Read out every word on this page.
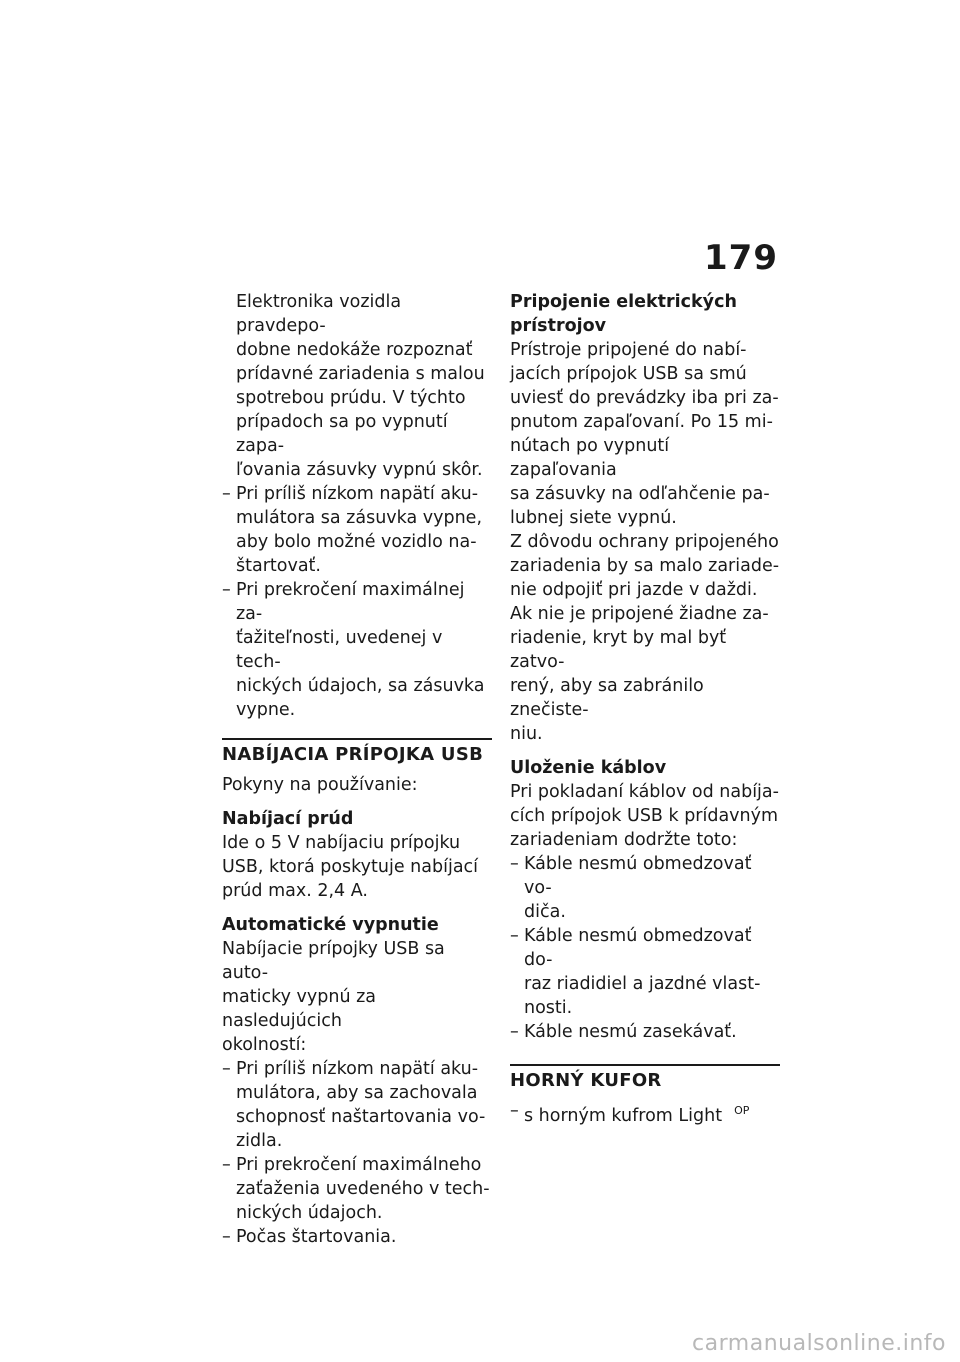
179

Elektronika vozidla pravdepo-

dobne nedokáže rozpoznať

prídavné zariadenia s malou

spotrebou prúdu. V týchto

prípadoch sa po vypnutí zapa-

ľovania zásuvky vypnú skôr.

– Pri príliš nízkom napätí aku-

mulátora sa zásuvka vypne,

aby bolo možné vozidlo na-

štartovať.

– Pri prekročení maximálnej za-

ťažiteľnosti, uvedenej v tech-

nických údajoch, sa zásuvka

vypne.

NABÍJACIA PRÍPOJKA USB

Pokyny na používanie:

Nabíjací prúd

Ide o 5 V nabíjaciu prípojku

USB, ktorá poskytuje nabíjací

prúd max. 2,4 A.

Automatické vypnutie

Nabíjacie prípojky USB sa auto-

maticky vypnú za nasledujúcich

okolností:

– Pri príliš nízkom napätí aku-

mulátora, aby sa zachovala

schopnosť naštartovania vo-

zidla.

– Pri prekročení maximálneho

zaťaženia uvedeného v tech-

nických údajoch.

– Počas štartovania.

Pripojenie elektrických
prístrojov

Prístroje pripojené do nabí-

jacích prípojok USB sa smú

uviesť do prevádzky iba pri za-

pnutom zapaľovaní. Po 15 mi-

nútach po vypnutí zapaľovania

sa zásuvky na odľahčenie pa-

lubnej siete vypnú.

Z dôvodu ochrany pripojeného

zariadenia by sa malo zariade-

nie odpojiť pri jazde v daždi.

Ak nie je pripojené žiadne za-

riadenie, kryt by mal byť zatvo-

rený, aby sa zabránilo znečiste-

niu.

Uloženie káblov

Pri pokladaní káblov od nabíja-

cích prípojok USB k prídavným

zariadeniam dodržte toto:

– Káble nesmú obmedzovať vo-

diča.

– Káble nesmú obmedzovať do-

raz riadidiel a jazdné vlast-

nosti.

– Káble nesmú zasekávať.

HORNÝ KUFOR
– s horným kufrom Light $^{OP}$
carmanualsonline.info
